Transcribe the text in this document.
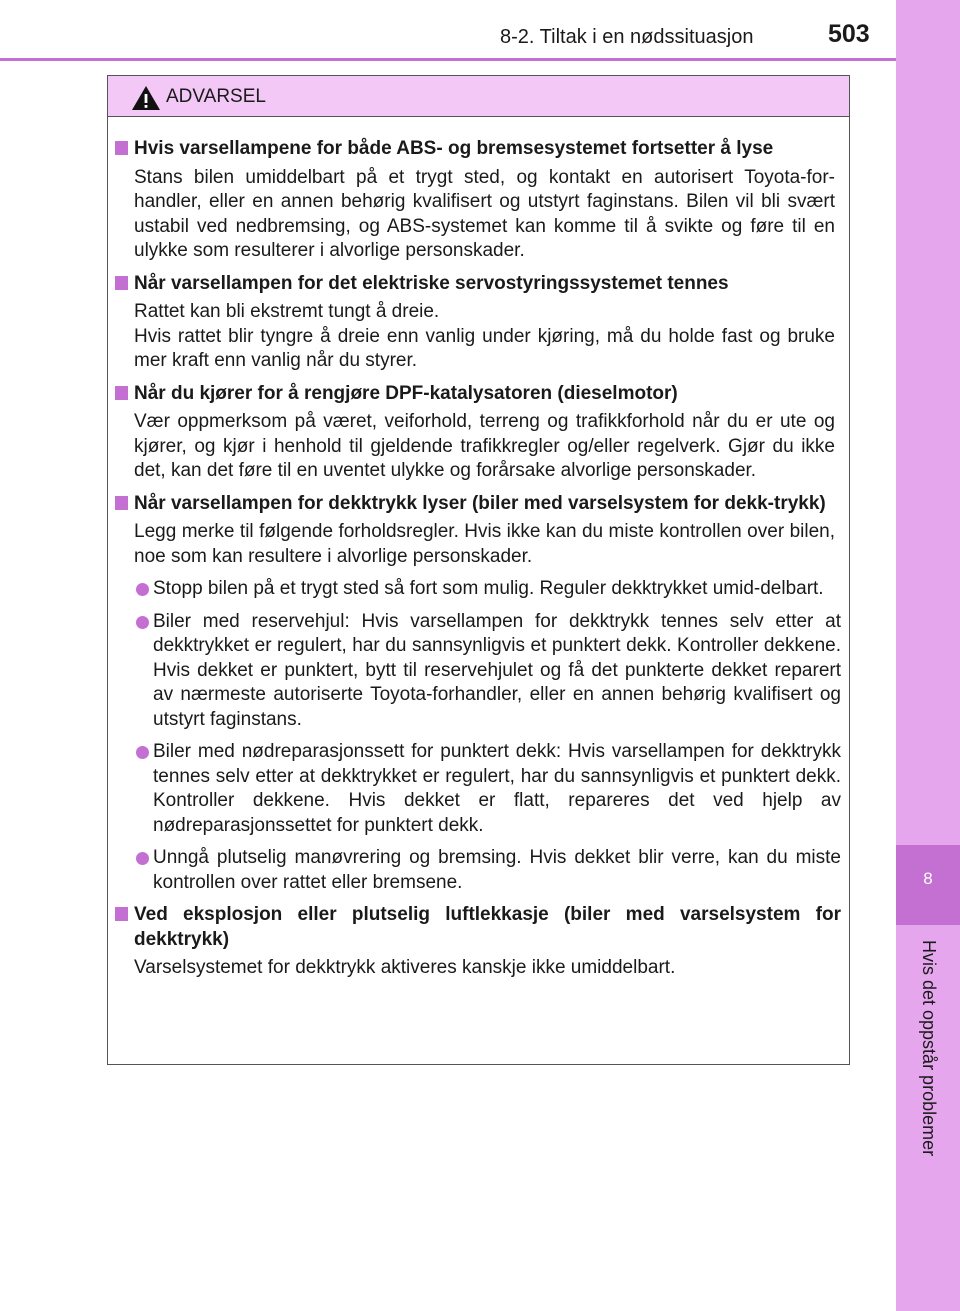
8
Hvis det oppstår problemer
8-2. Tiltak i en nødssituasjon	503
ADVARSEL
Hvis varsellampene for både ABS- og bremsesystemet fortsetter å lyse
Stans bilen umiddelbart på et trygt sted, og kontakt en autorisert Toyota-for-handler, eller en annen behørig kvalifisert og utstyrt faginstans. Bilen vil bli svært ustabil ved nedbremsing, og ABS-systemet kan komme til å svikte og føre til en ulykke som resulterer i alvorlige personskader.
Når varsellampen for det elektriske servostyringssystemet tennes
Rattet kan bli ekstremt tungt å dreie.
Hvis rattet blir tyngre å dreie enn vanlig under kjøring, må du holde fast og bruke mer kraft enn vanlig når du styrer.
Når du kjører for å rengjøre DPF-katalysatoren (dieselmotor)
Vær oppmerksom på været, veiforhold, terreng og trafikkforhold når du er ute og kjører, og kjør i henhold til gjeldende trafikkregler og/eller regelverk. Gjør du ikke det, kan det føre til en uventet ulykke og forårsake alvorlige personskader.
Når varsellampen for dekktrykk lyser (biler med varselsystem for dekk-trykk)
Legg merke til følgende forholdsregler. Hvis ikke kan du miste kontrollen over bilen, noe som kan resultere i alvorlige personskader.
Stopp bilen på et trygt sted så fort som mulig. Reguler dekktrykket umid-delbart.
Biler med reservehjul: Hvis varsellampen for dekktrykk tennes selv etter at dekktrykket er regulert, har du sannsynligvis et punktert dekk. Kontroller dekkene. Hvis dekket er punktert, bytt til reservehjulet og få det punkterte dekket reparert av nærmeste autoriserte Toyota-forhandler, eller en annen behørig kvalifisert og utstyrt faginstans.
Biler med nødreparasjonssett for punktert dekk: Hvis varsellampen for dekktrykk tennes selv etter at dekktrykket er regulert, har du sannsynligvis et punktert dekk. Kontroller dekkene. Hvis dekket er flatt, repareres det ved hjelp av nødreparasjonssettet for punktert dekk.
Unngå plutselig manøvrering og bremsing. Hvis dekket blir verre, kan du miste kontrollen over rattet eller bremsene.
Ved eksplosjon eller plutselig luftlekkasje (biler med varselsystem for dekktrykk)
Varselsystemet for dekktrykk aktiveres kanskje ikke umiddelbart.
